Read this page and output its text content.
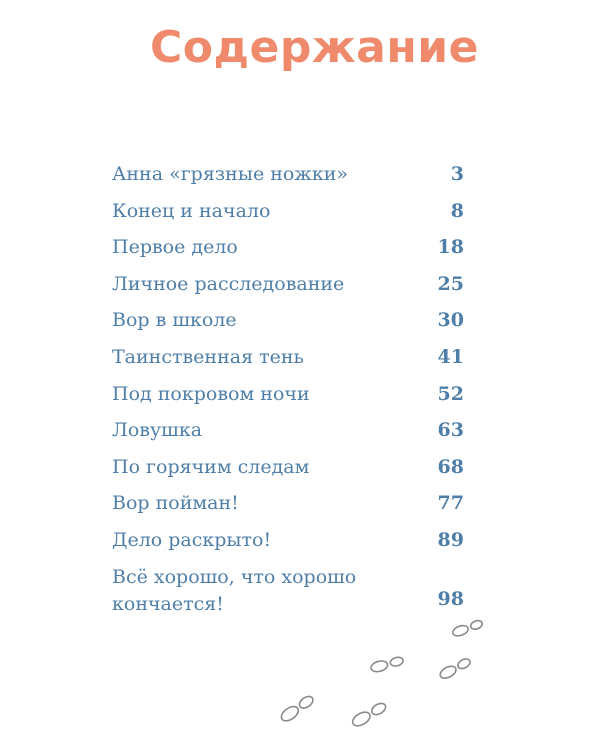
Содержание
Анна «грязные ножки»	3
Конец и начало	8
Первое дело	18
Личное расследование	25
Вор в школе	30
Таинственная тень	41
Под покровом ночи	52
Ловушка	63
По горячим следам	68
Вор пойман!	77
Дело раскрыто!	89
Всё хорошо, что хорошо
кончается!	98
